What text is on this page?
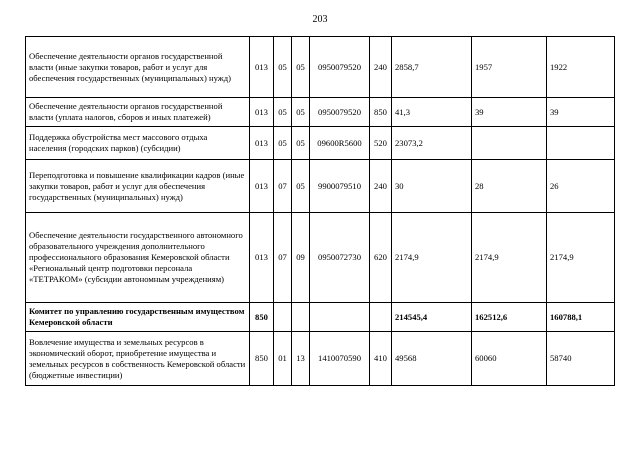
203
Обеспечение деятельности органов государственной власти (иные закупки товаров, работ и услуг для обеспечения государственных (муниципальных) нужд)	013	05	05	0950079520	240	2858,7	1957	1922
Обеспечение деятельности органов государственной власти (уплата налогов, сборов и иных платежей)	013	05	05	0950079520	850	41,3	39	39
Поддержка обустройства мест массового отдыха населения (городских парков) (субсидии)	013	05	05	09600R5600	520	23073,2		
Переподготовка и повышение квалификации кадров (иные закупки товаров, работ и услуг для обеспечения государственных (муниципальных) нужд)	013	07	05	9900079510	240	30	28	26
Обеспечение деятельности государственного автономного образовательного учреждения дополнительного профессионального образования Кемеровской области «Региональный центр подготовки персонала «ТЕТРАКОМ» (субсидии автономным учреждениям)	013	07	09	0950072730	620	2174,9	2174,9	2174,9
Комитет по управлению государственным имуществом Кемеровской области	850					214545,4	162512,6	160788,1
Вовлечение имущества и земельных ресурсов в экономический оборот, приобретение имущества и земельных ресурсов в собственность Кемеровской области (бюджетные инвестиции)	850	01	13	1410070590	410	49568	60060	58740
